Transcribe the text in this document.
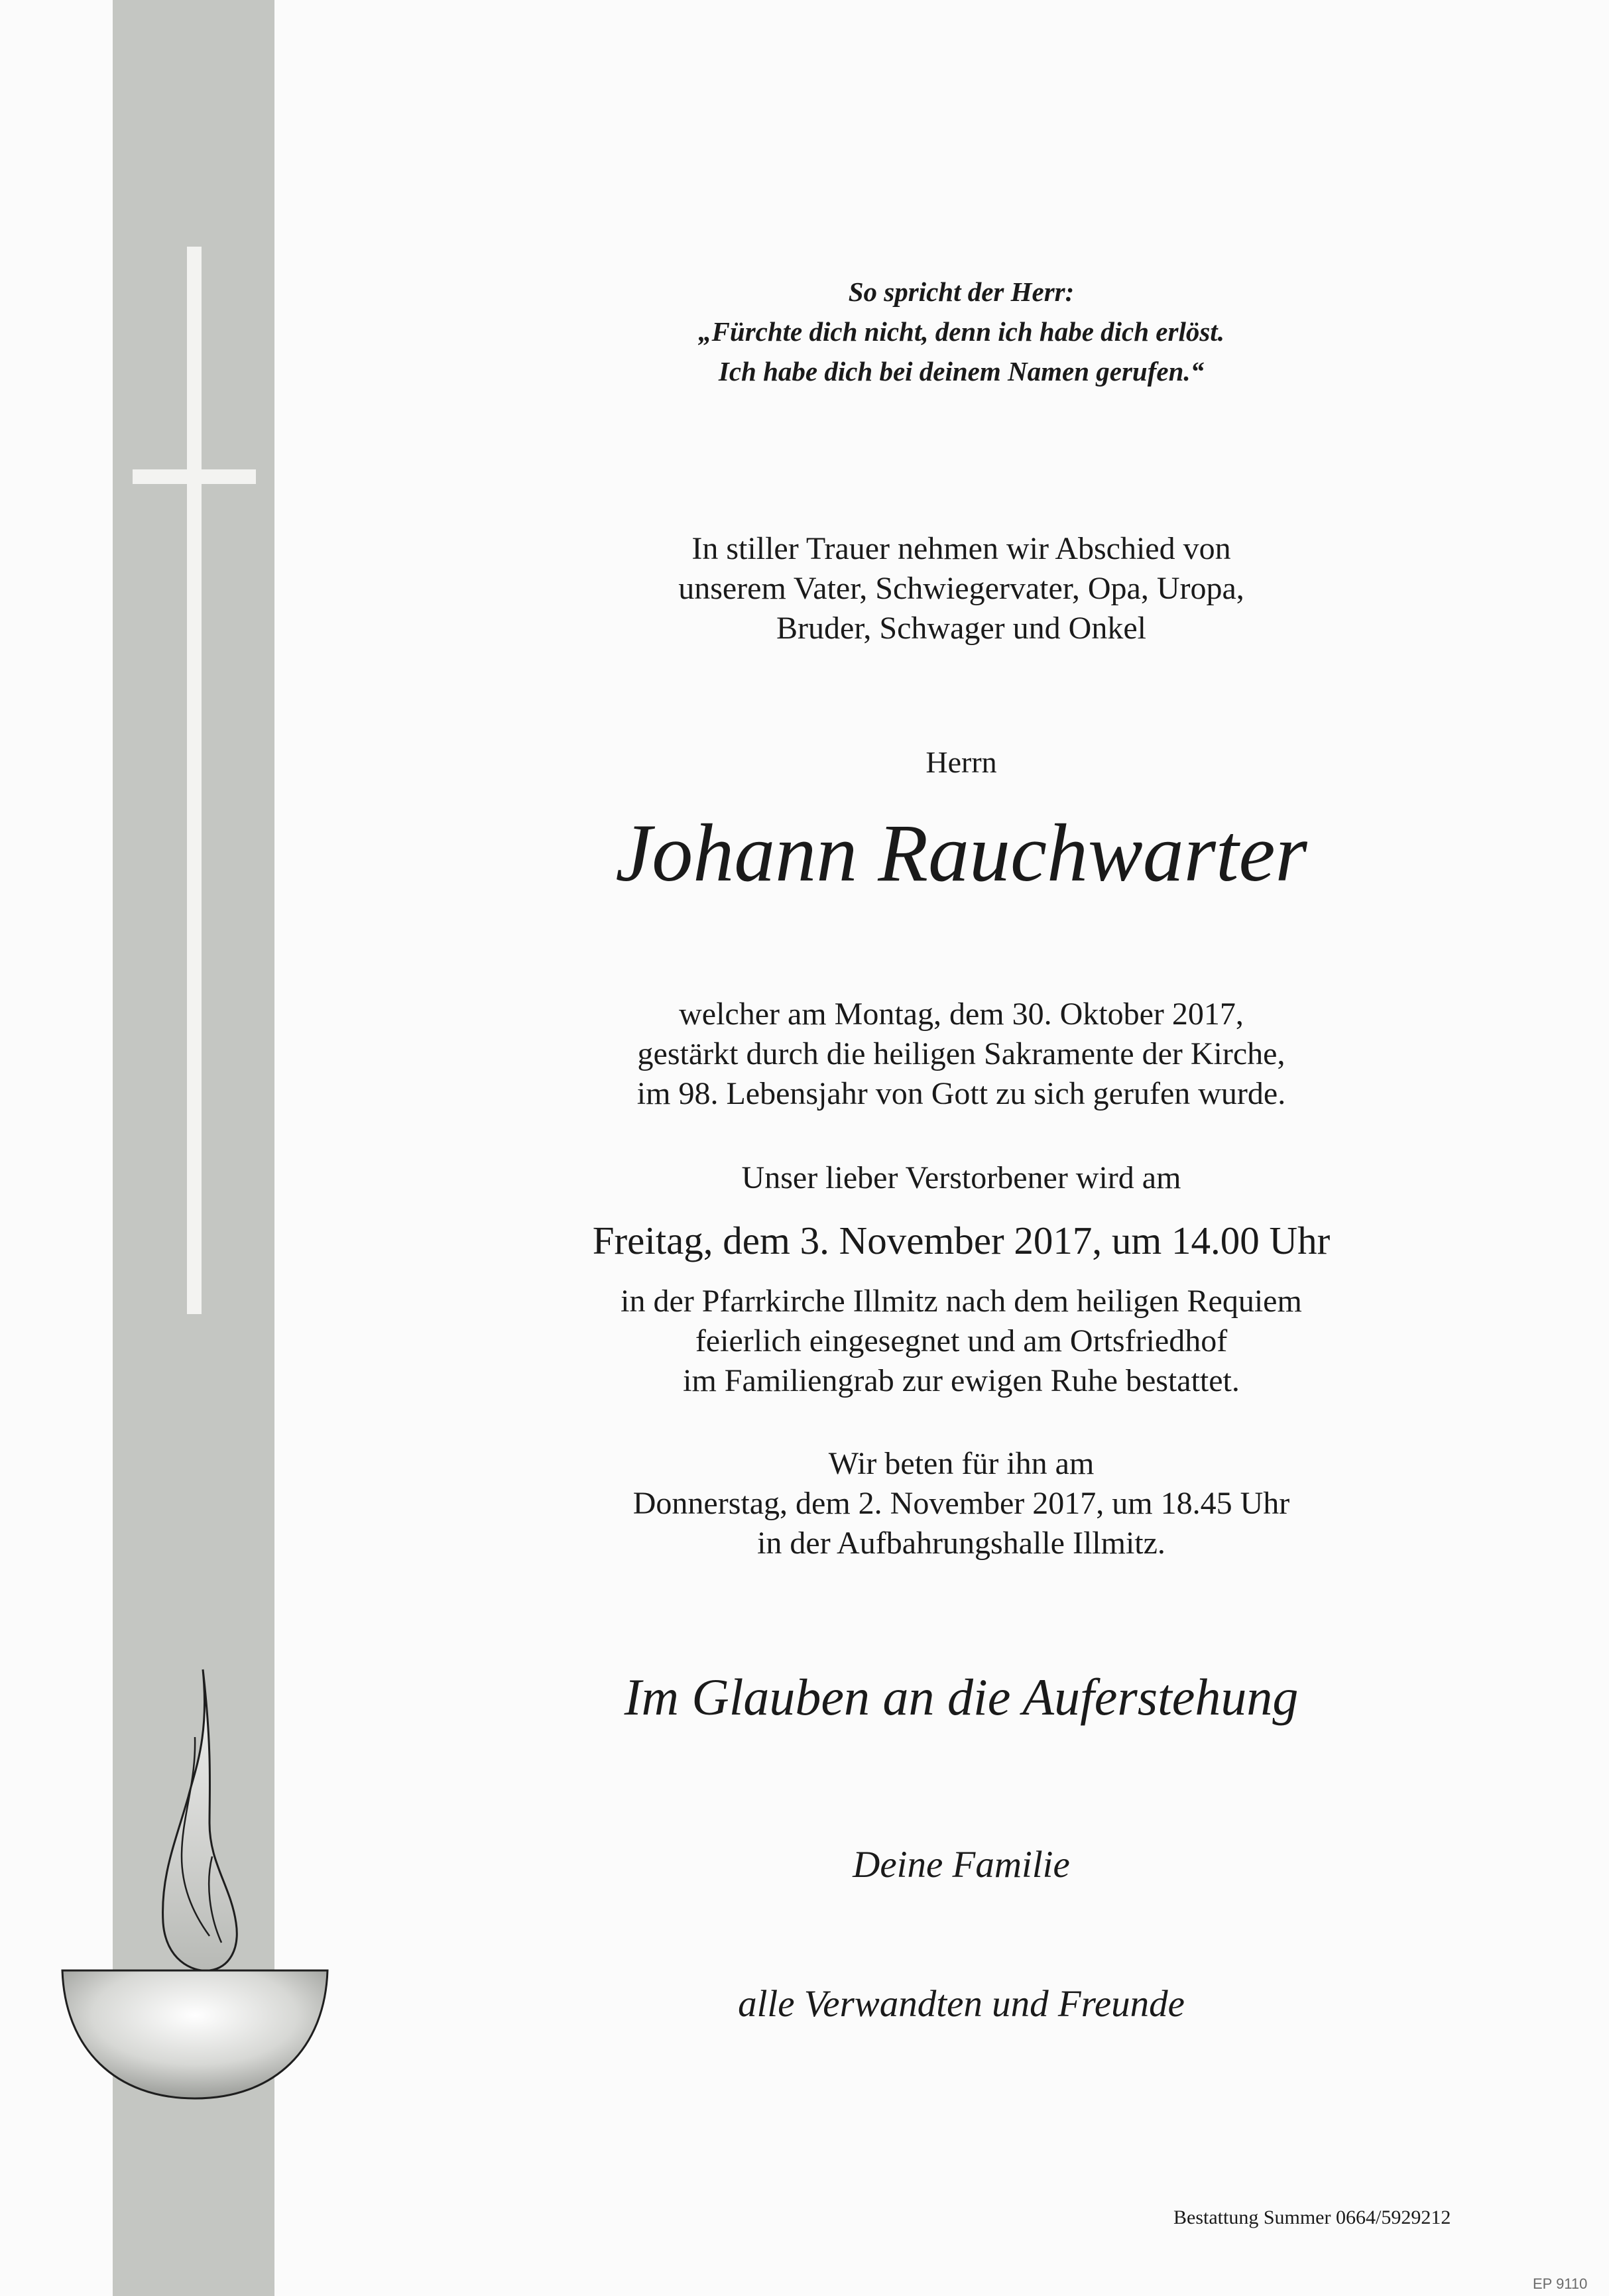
So spricht der Herr:
„Fürchte dich nicht, denn ich habe dich erlöst.
Ich habe dich bei deinem Namen gerufen.“
In stiller Trauer nehmen wir Abschied von
unserem Vater, Schwiegervater, Opa, Uropa,
Bruder, Schwager und Onkel
Herrn
Johann Rauchwarter
welcher am Montag, dem 30. Oktober 2017,
gestärkt durch die heiligen Sakramente der Kirche,
im 98. Lebensjahr von Gott zu sich gerufen wurde.
Unser lieber Verstorbener wird am
Freitag, dem 3. November 2017, um 14.00 Uhr
in der Pfarrkirche Illmitz nach dem heiligen Requiem
feierlich eingesegnet und am Ortsfriedhof
im Familiengrab zur ewigen Ruhe bestattet.
Wir beten für ihn am
Donnerstag, dem 2. November 2017, um 18.45 Uhr
in der Aufbahrungshalle Illmitz.
Im Glauben an die Auferstehung
Deine Familie
alle Verwandten und Freunde
Bestattung Summer 0664/5929212
EP 9110
